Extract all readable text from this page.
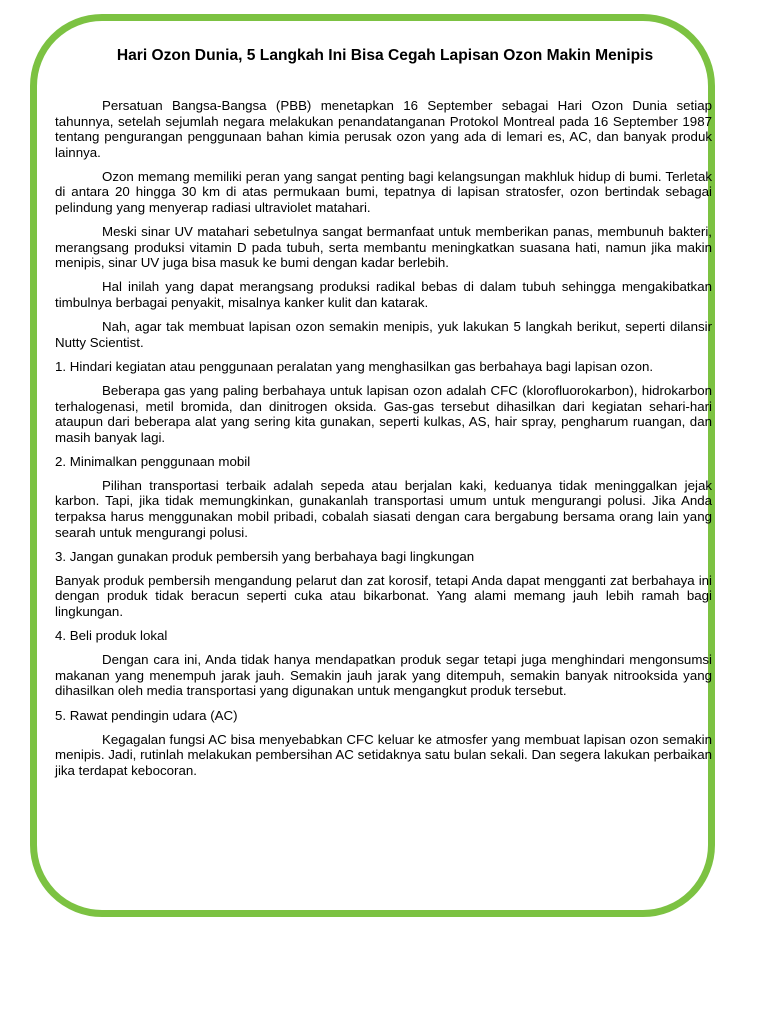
Hari Ozon Dunia, 5 Langkah Ini Bisa Cegah Lapisan Ozon Makin Menipis

Persatuan Bangsa-Bangsa (PBB) menetapkan 16 September sebagai Hari Ozon Dunia setiap tahunnya, setelah sejumlah negara melakukan penandatanganan Protokol Montreal pada 16 September 1987 tentang pengurangan penggunaan bahan kimia perusak ozon yang ada di lemari es, AC, dan banyak produk lainnya.

Ozon memang memiliki peran yang sangat penting bagi kelangsungan makhluk hidup di bumi. Terletak di antara 20 hingga 30 km di atas permukaan bumi, tepatnya di lapisan stratosfer, ozon bertindak sebagai pelindung yang menyerap radiasi ultraviolet matahari.

Meski sinar UV matahari sebetulnya sangat bermanfaat untuk memberikan panas, membunuh bakteri, merangsang produksi vitamin D pada tubuh, serta membantu meningkatkan suasana hati, namun jika makin menipis, sinar UV juga bisa masuk ke bumi dengan kadar berlebih.

Hal inilah yang dapat merangsang produksi radikal bebas di dalam tubuh sehingga mengakibatkan timbulnya berbagai penyakit, misalnya kanker kulit dan katarak.

Nah, agar tak membuat lapisan ozon semakin menipis, yuk lakukan 5 langkah berikut, seperti dilansir Nutty Scientist.

1. Hindari kegiatan atau penggunaan peralatan yang menghasilkan gas berbahaya bagi lapisan ozon.

Beberapa gas yang paling berbahaya untuk lapisan ozon adalah CFC (klorofluorokarbon), hidrokarbon terhalogenasi, metil bromida, dan dinitrogen oksida. Gas-gas tersebut dihasilkan dari kegiatan sehari-hari ataupun dari beberapa alat yang sering kita gunakan, seperti kulkas, AS, hair spray, pengharum ruangan, dan masih banyak lagi.

2. Minimalkan penggunaan mobil

Pilihan transportasi terbaik adalah sepeda atau berjalan kaki, keduanya tidak meninggalkan jejak karbon. Tapi, jika tidak memungkinkan, gunakanlah transportasi umum untuk mengurangi polusi. Jika Anda terpaksa harus menggunakan mobil pribadi, cobalah siasati dengan cara bergabung bersama orang lain yang searah untuk mengurangi polusi.

3. Jangan gunakan produk pembersih yang berbahaya bagi lingkungan

Banyak produk pembersih mengandung pelarut dan zat korosif, tetapi Anda dapat mengganti zat berbahaya ini dengan produk tidak beracun seperti cuka atau bikarbonat. Yang alami memang jauh lebih ramah bagi lingkungan.

4. Beli produk lokal

Dengan cara ini, Anda tidak hanya mendapatkan produk segar tetapi juga menghindari mengonsumsi makanan yang menempuh jarak jauh. Semakin jauh jarak yang ditempuh, semakin banyak nitrooksida yang dihasilkan oleh media transportasi yang digunakan untuk mengangkut produk tersebut.

5. Rawat pendingin udara (AC)

Kegagalan fungsi AC bisa menyebabkan CFC keluar ke atmosfer yang membuat lapisan ozon semakin menipis. Jadi, rutinlah melakukan pembersihan AC setidaknya satu bulan sekali. Dan segera lakukan perbaikan jika terdapat kebocoran.
